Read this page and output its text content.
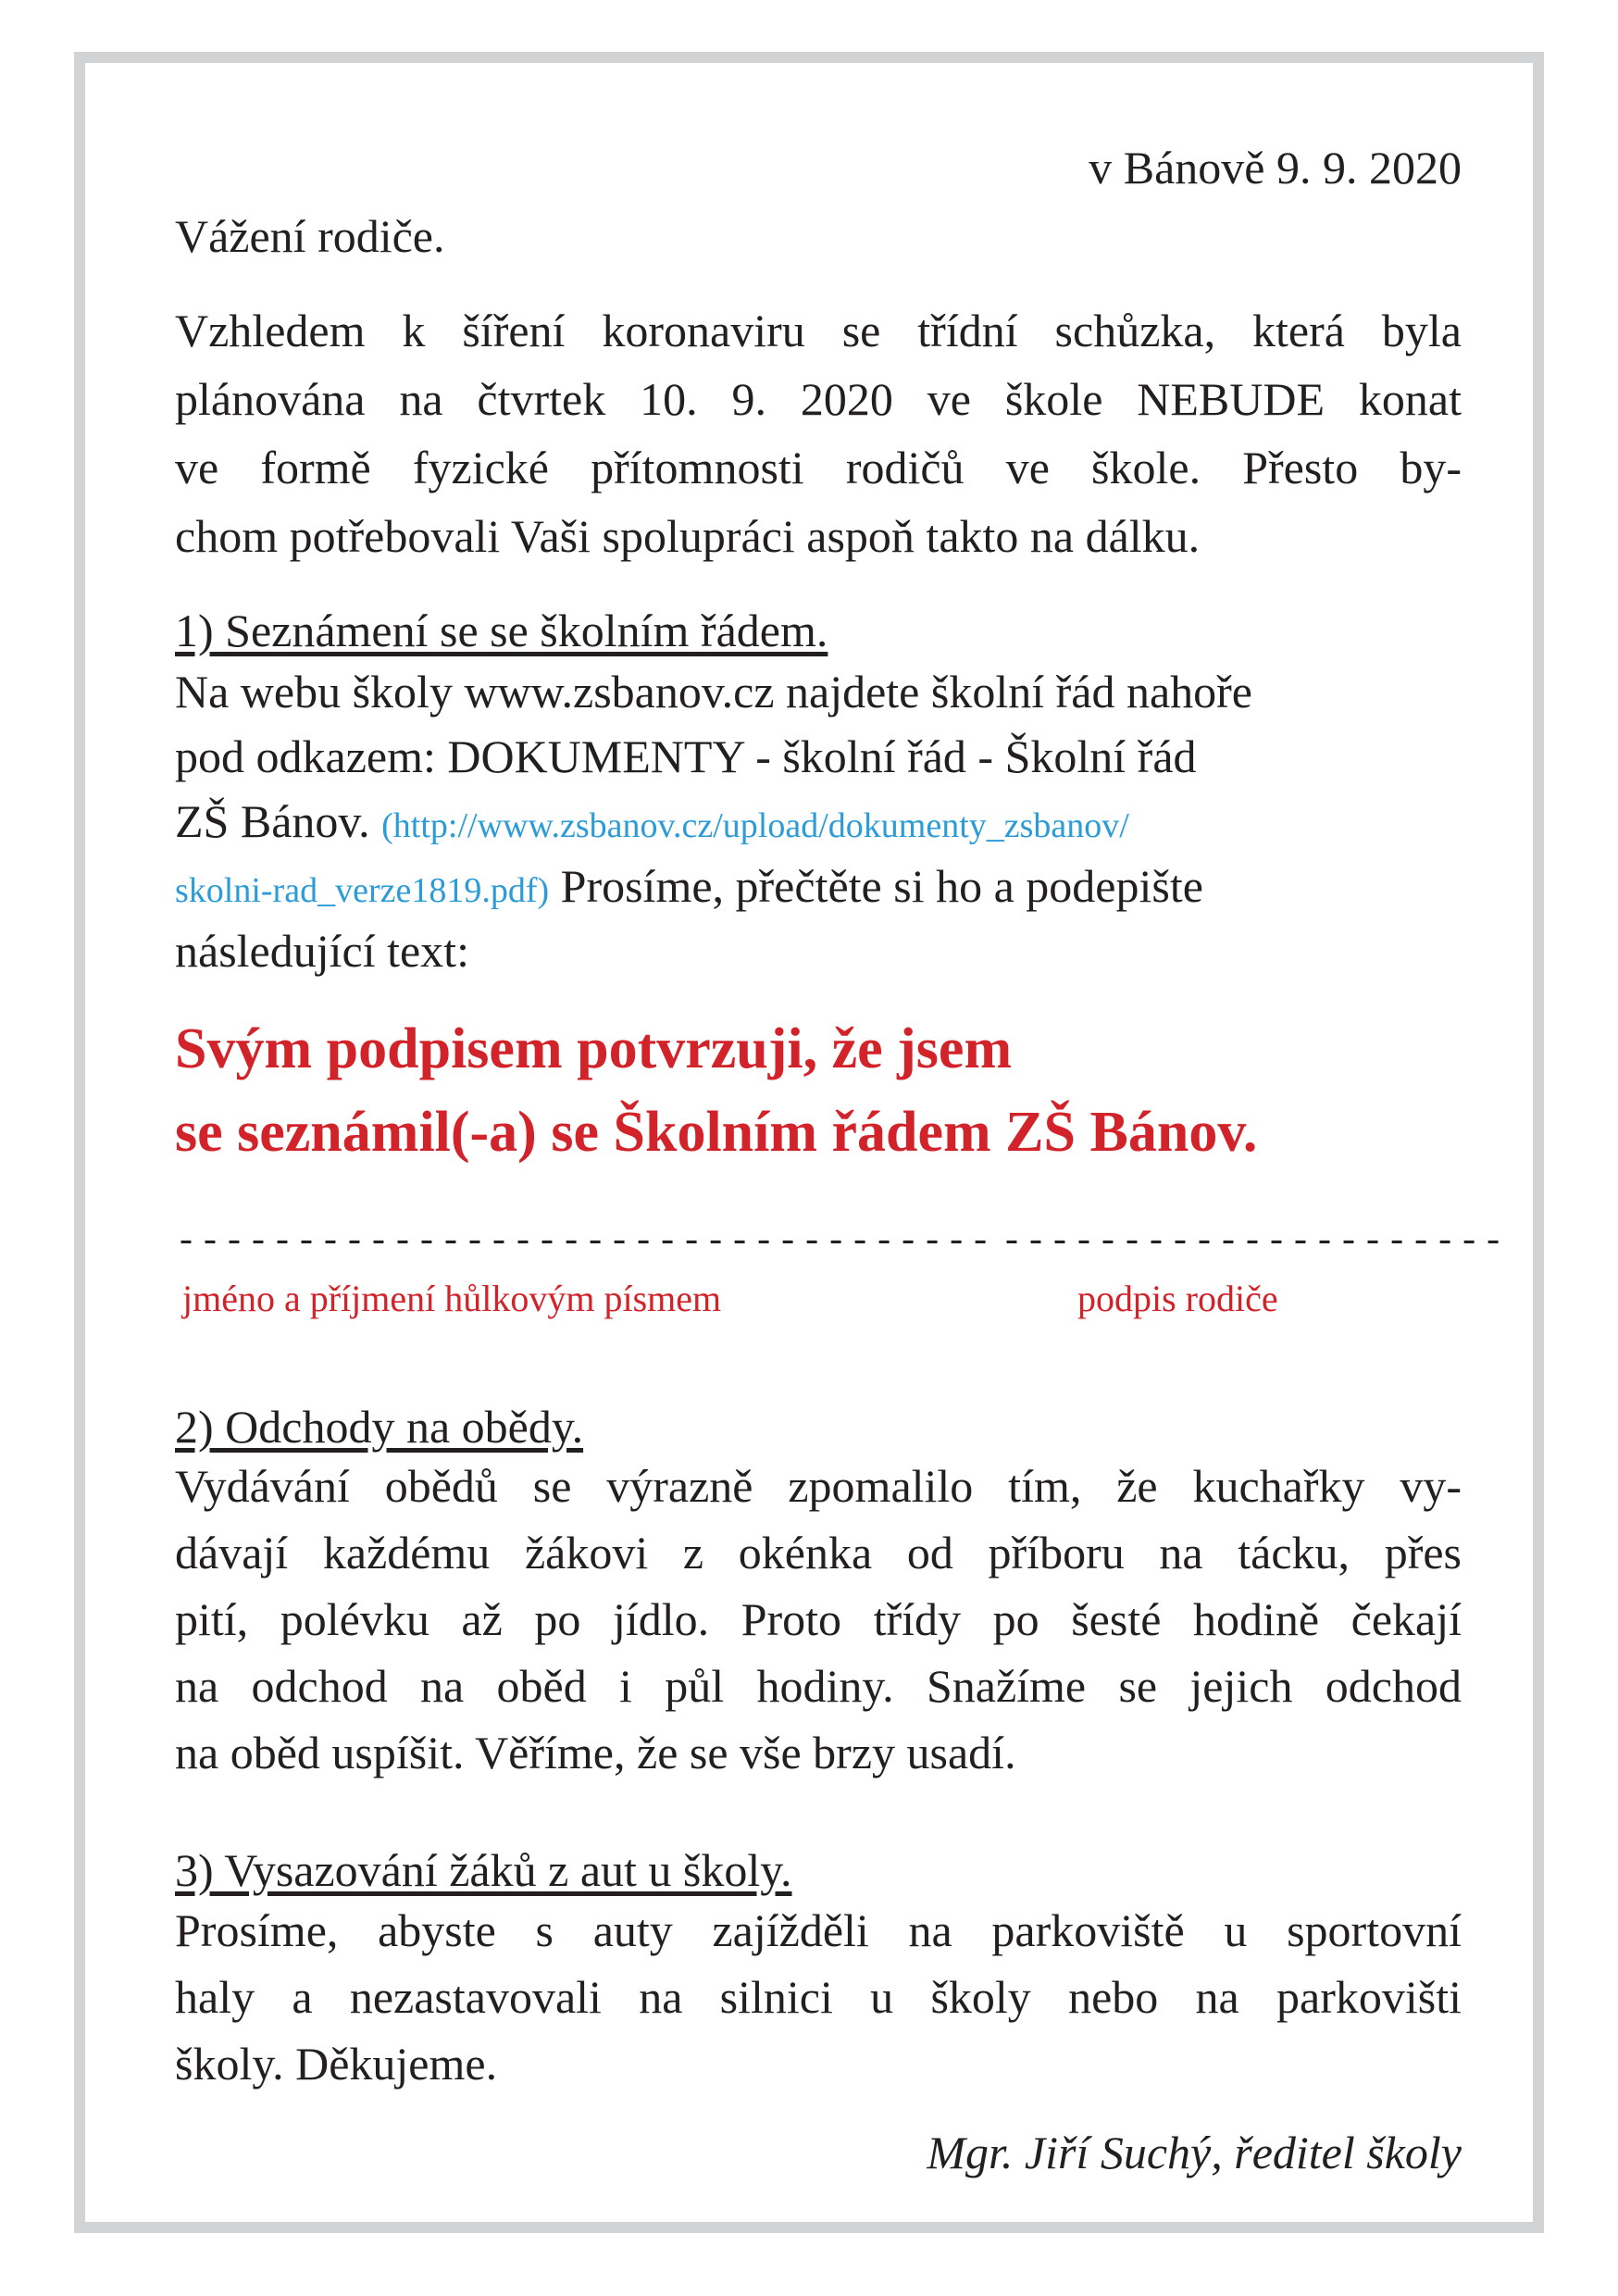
v Bánově 9. 9. 2020
Vážení rodiče.
Vzhledem k šíření koronaviru se třídní schůzka, která byla
plánována na čtvrtek 10. 9. 2020 ve škole NEBUDE konat
ve formě fyzické přítomnosti rodičů ve škole. Přesto by-
chom potřebovali Vaši spolupráci aspoň takto na dálku.
1) Seznámení se se školním řádem.
Na webu školy www.zsbanov.cz najdete školní řád nahoře
pod odkazem: DOKUMENTY - školní řád - Školní řád
ZŠ Bánov. (http://www.zsbanov.cz/upload/dokumenty_zsbanov/
skolni-rad_verze1819.pdf) Prosíme, přečtěte si ho a podepište
následující text:
Svým podpisem potvrzuji, že jsem
se seznámil(-a) se Školním řádem ZŠ Bánov.
---------------------------------- ---------------------
jméno a příjmení hůlkovým písmem	podpis rodiče
2) Odchody na obědy.
Vydávání obědů se výrazně zpomalilo tím, že kuchařky vy-
dávají každému žákovi z okénka od příboru na tácku, přes
pití, polévku až po jídlo. Proto třídy po šesté hodině čekají
na odchod na oběd i půl hodiny. Snažíme se jejich odchod
na oběd uspíšit. Věříme, že se vše brzy usadí.
3) Vysazování žáků z aut u školy.
Prosíme, abyste s auty zajížděli na parkoviště u sportovní
haly a nezastavovali na silnici u školy nebo na parkovišti
školy. Děkujeme.
Mgr. Jiří Suchý, ředitel školy
